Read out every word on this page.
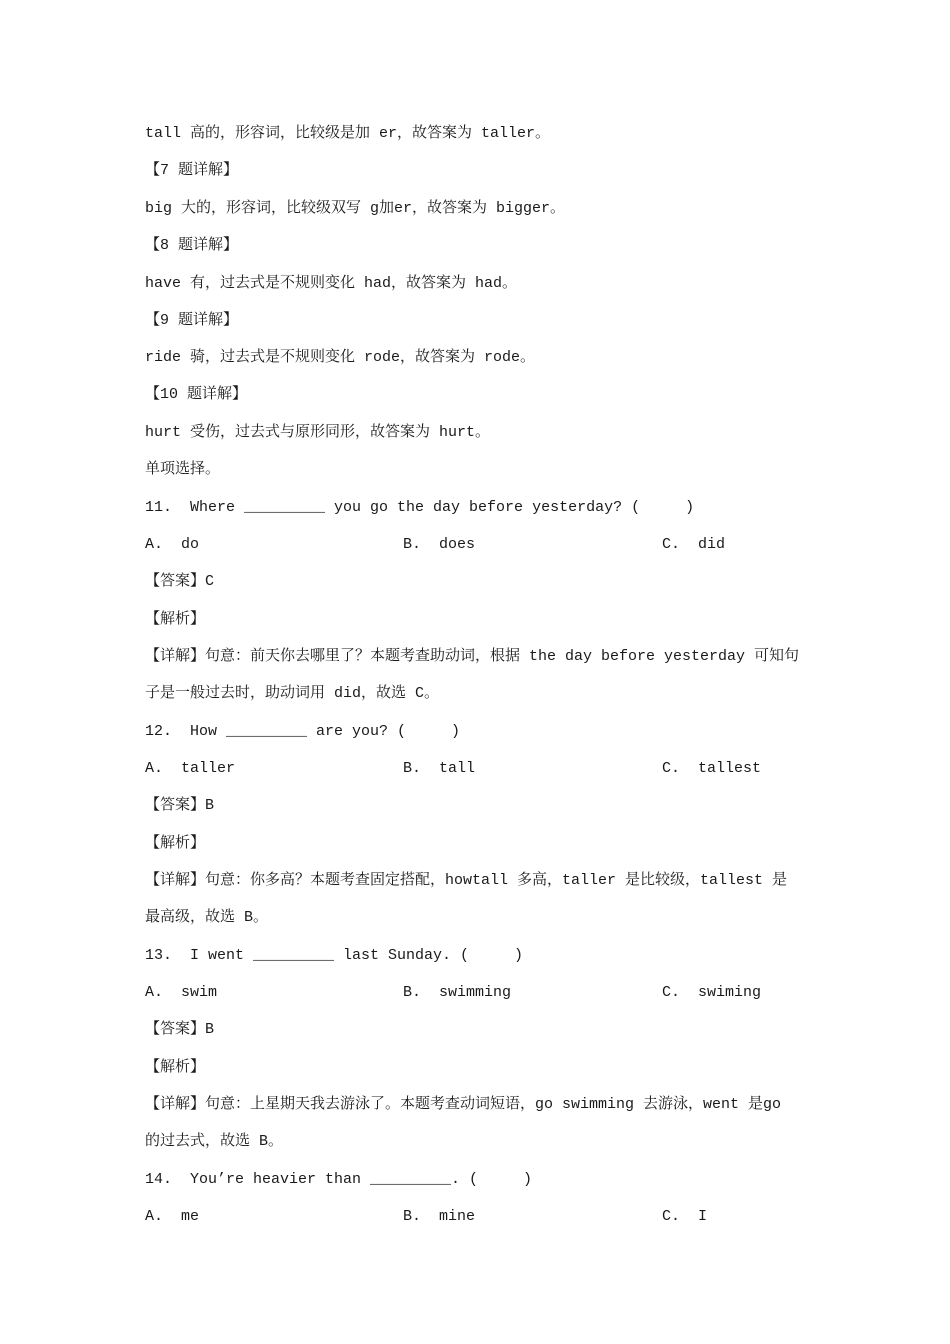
tall 高的，形容词，比较级是加 er，故答案为 taller。
【7 题详解】
big 大的，形容词，比较级双写 g加er，故答案为 bigger。
【8 题详解】
have 有，过去式是不规则变化 had，故答案为 had。
【9 题详解】
ride 骑，过去式是不规则变化 rode，故答案为 rode。
【10 题详解】
hurt 受伤，过去式与原形同形，故答案为 hurt。
单项选择。
11.  Where _________ you go the day before yesterday? (     )
A.  do	B.  does	C.  did
【答案】C
【解析】
【详解】句意：前天你去哪里了？本题考查助动词，根据 the day before yesterday 可知句
子是一般过去时，助动词用 did，故选 C。
12.  How _________ are you? (     )
A.  taller	B.  tall	C.  tallest
【答案】B
【解析】
【详解】句意：你多高？本题考查固定搭配，howtall 多高，taller 是比较级，tallest 是
最高级，故选 B。
13.  I went _________ last Sunday. (     )
A.  swim	B.  swimming	C.  swiming
【答案】B
【解析】
【详解】句意：上星期天我去游泳了。本题考查动词短语，go swimming 去游泳，went 是go
的过去式，故选 B。
14.  You’re heavier than _________. (     )
A.  me	B.  mine	C.  I
